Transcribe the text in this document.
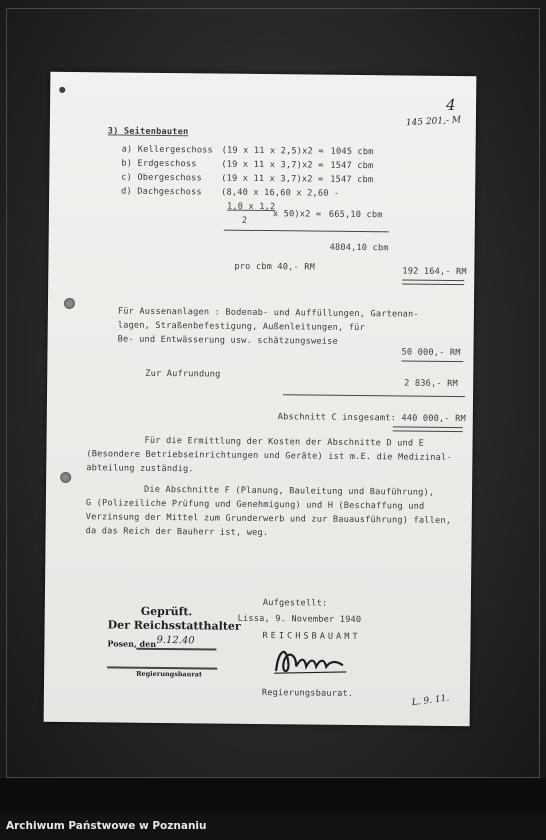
4
145 201,- M
3) Seitenbauten
a) Kellergeschoss (19 x 11 x 2,5)x2 = 1045 cbm
b) Erdgeschoss	(19 x 11 x 3,7)x2 = 1547 cbm
c) Obergeschoss (19 x 11 x 3,7)x2 = 1547 cbm
d) Dachgeschoss (8,40 x 16,60 x 2,60 -
1,0 x 1,2
x 50)x2 =
2
665,10 cbm
4804,10 cbm
pro cbm 40,- RM	192 164,- RM
Für Aussenanlagen : Bodenab- und Auffüllungen, Gartenan-
lagen, Straßenbefestigung, Außenleitungen, für
Be- und Entwässerung usw. schätzungsweise
50 000,- RM
Zur Aufrundung
2 836,- RM
Abschnitt C insgesamt: 440 000,- RM
Für die Ermittlung der Kosten der Abschnitte D und E
(Besondere Betriebseinrichtungen und Geräte) ist m.E. die Medizinal-
abteilung zuständig.
Die Abschnitte F (Planung, Bauleitung und Bauführung),
G (Polizeiliche Prüfung und Genehmigung) und H (Beschaffung und
Verzinsung der Mittel zum Grunderwerb und zur Bauausführung) fallen,
da das Reich der Bauherr ist, weg.
Geprüft.
Der Reichsstatthalter
Posen, den 9.12.40
Regierungsbaurat
Aufgestellt:
Lissa, 9. November 1940
REICHSBAUAMT
Regierungsbaurat.	L. 9. 11.
Archiwum Państwowe w Poznaniu
